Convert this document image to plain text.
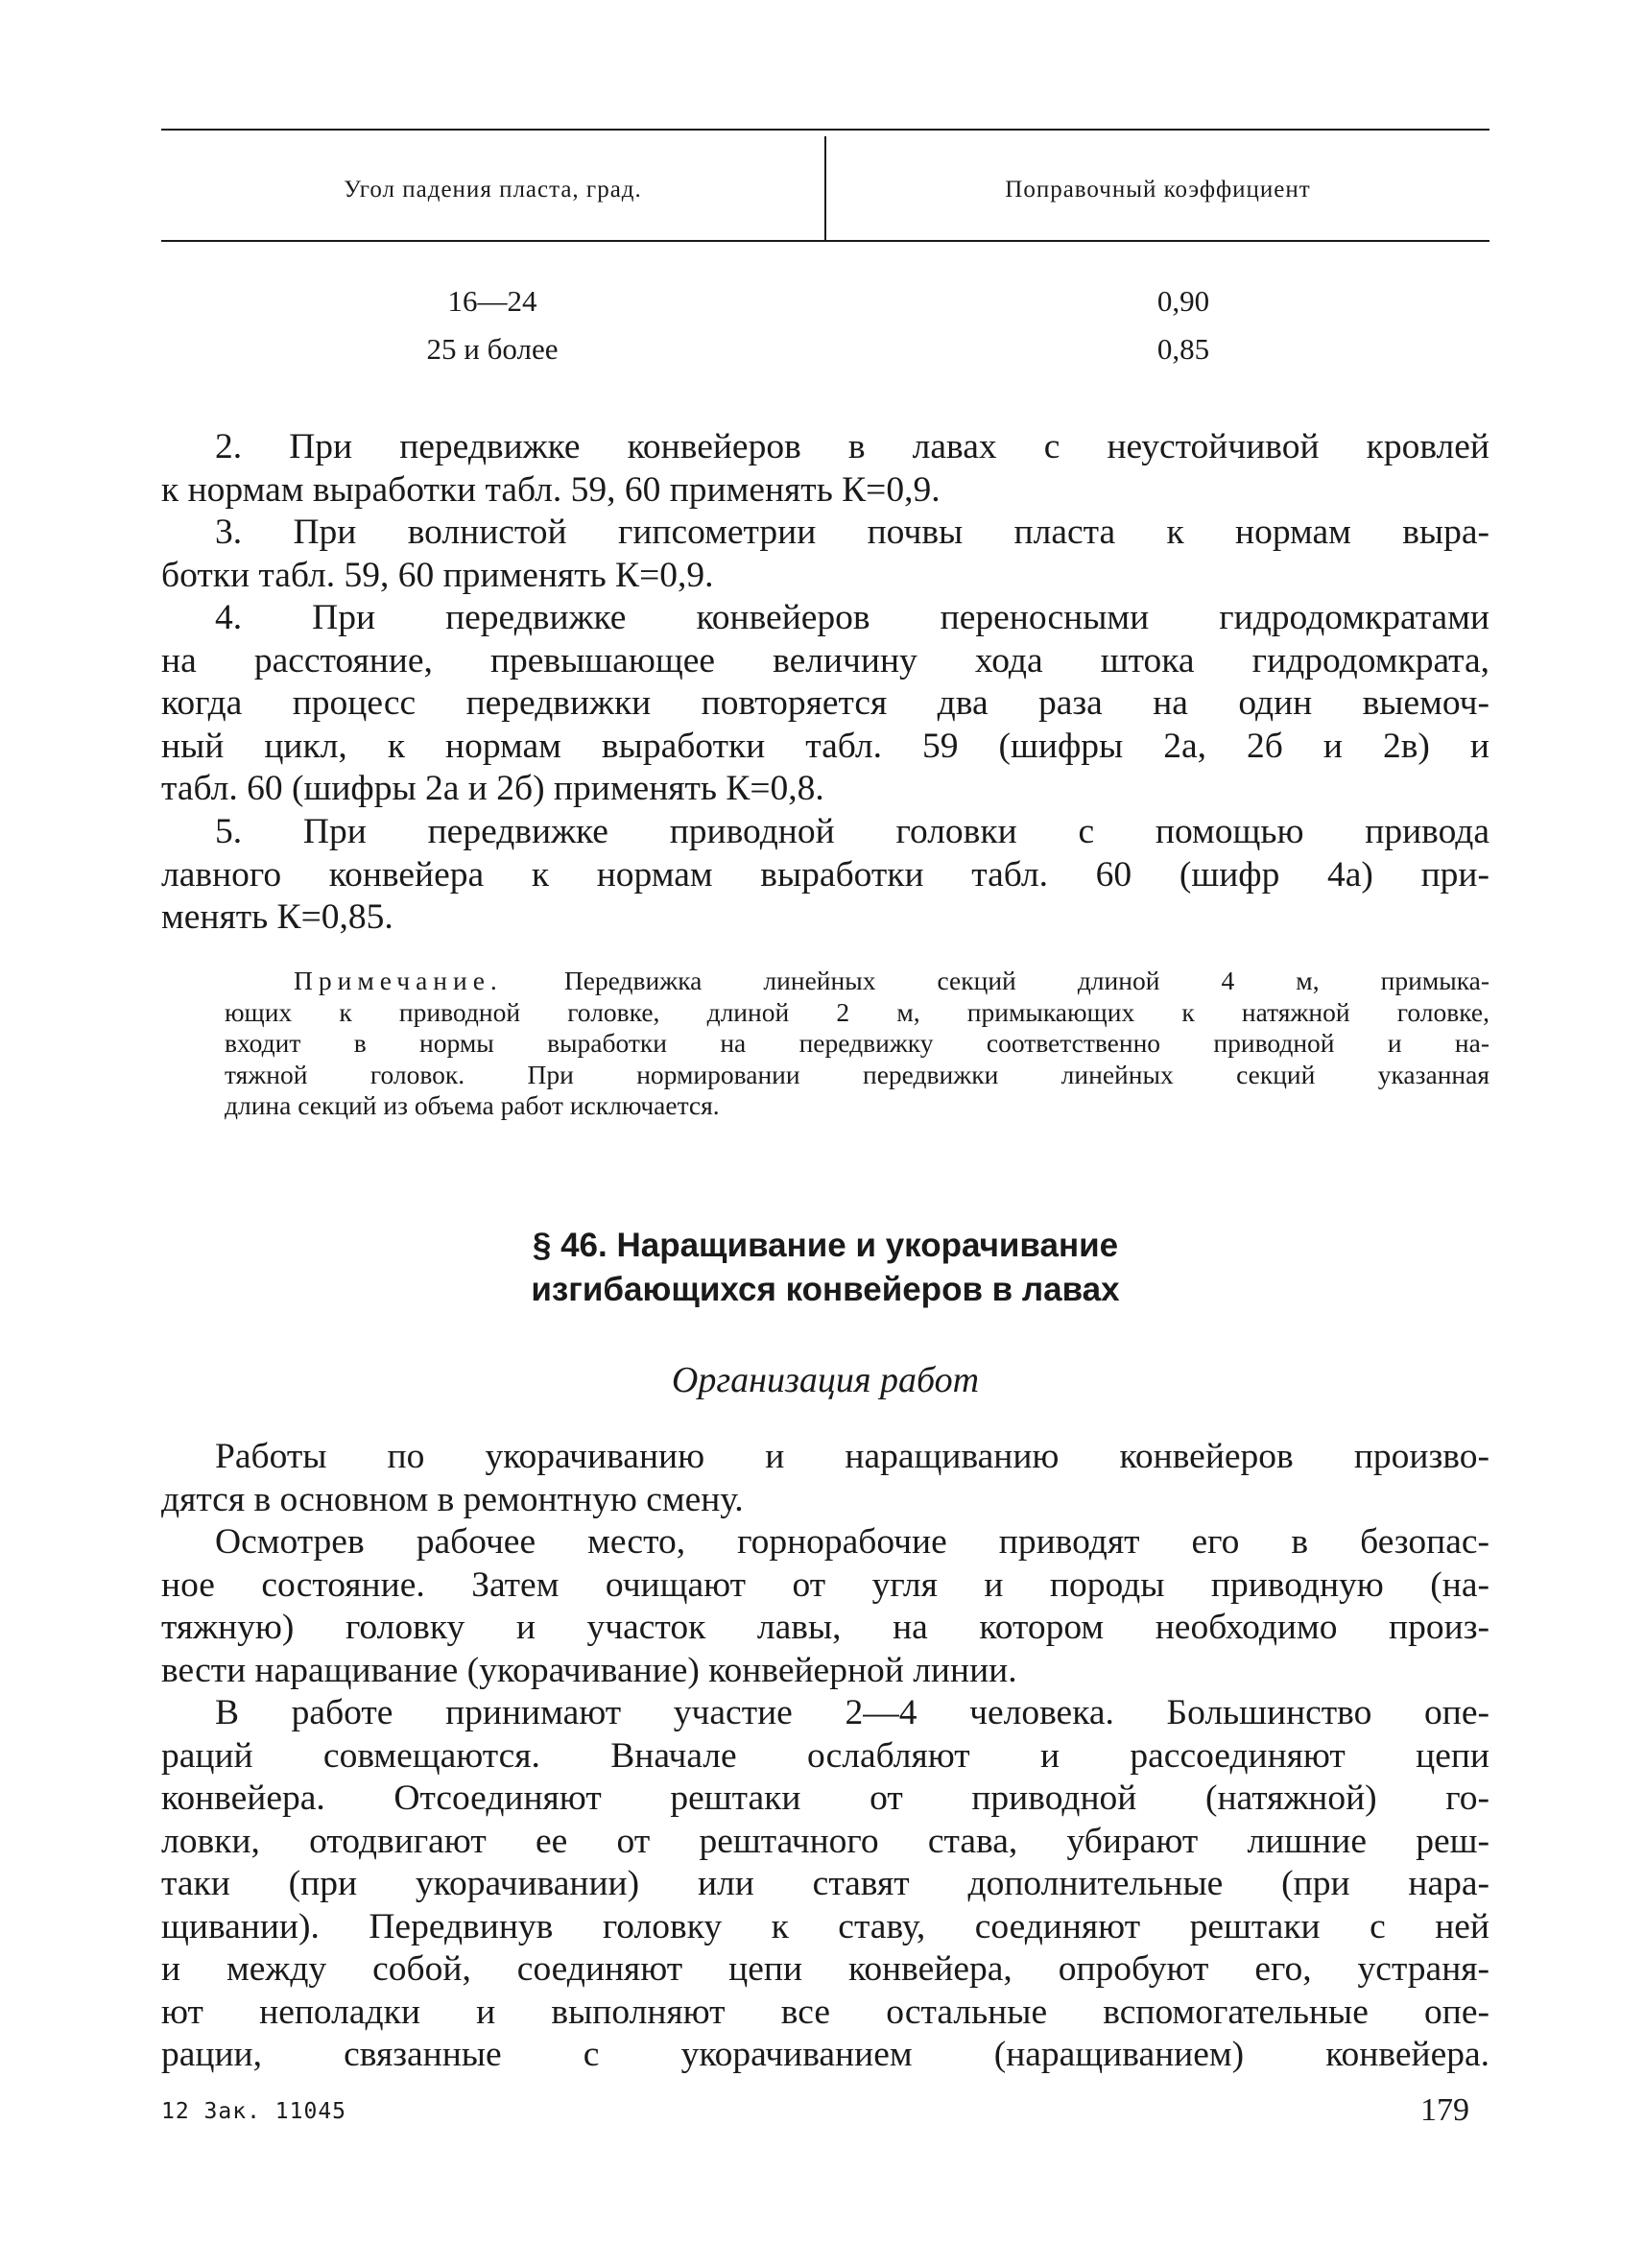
Угол падения пласта, град.	Поправочный коэффициент
16—24	0,90
25 и более	0,85
2. При передвижке конвейеров в лавах с неустойчивой кровлей
к нормам выработки табл. 59, 60 применять К=0,9.
3. При волнистой гипсометрии почвы пласта к нормам выра-
ботки табл. 59, 60 применять К=0,9.
4. При передвижке конвейеров переносными гидродомкратами
на расстояние, превышающее величину хода штока гидродомкрата,
когда процесс передвижки повторяется два раза на один выемоч-
ный цикл, к нормам выработки табл. 59 (шифры 2а, 2б и 2в) и
табл. 60 (шифры 2а и 2б) применять К=0,8.
5. При передвижке приводной головки с помощью привода
лавного конвейера к нормам выработки табл. 60 (шифр 4а) при-
менять К=0,85.
Примечание. Передвижка линейных секций длиной 4 м, примыка-
ющих к приводной головке, длиной 2 м, примыкающих к натяжной головке,
входит в нормы выработки на передвижку соответственно приводной и на-
тяжной головок. При нормировании передвижки линейных секций указанная
длина секций из объема работ исключается.
§ 46. Наращивание и укорачивание
изгибающихся конвейеров в лавах
Организация работ
Работы по укорачиванию и наращиванию конвейеров произво-
дятся в основном в ремонтную смену.
Осмотрев рабочее место, горнорабочие приводят его в безопас-
ное состояние. Затем очищают от угля и породы приводную (на-
тяжную) головку и участок лавы, на котором необходимо произ-
вести наращивание (укорачивание) конвейерной линии.
В работе принимают участие 2—4 человека. Большинство опе-
раций совмещаются. Вначале ослабляют и рассоединяют цепи
конвейера. Отсоединяют рештаки от приводной (натяжной) го-
ловки, отодвигают ее от рештачного става, убирают лишние реш-
таки (при укорачивании) или ставят дополнительные (при нара-
щивании). Передвинув головку к ставу, соединяют рештаки с ней
и между собой, соединяют цепи конвейера, опробуют его, устраня-
ют неполадки и выполняют все остальные вспомогательные опе-
рации, связанные с укорачиванием (наращиванием) конвейера.
12 Зак. 11045	179
